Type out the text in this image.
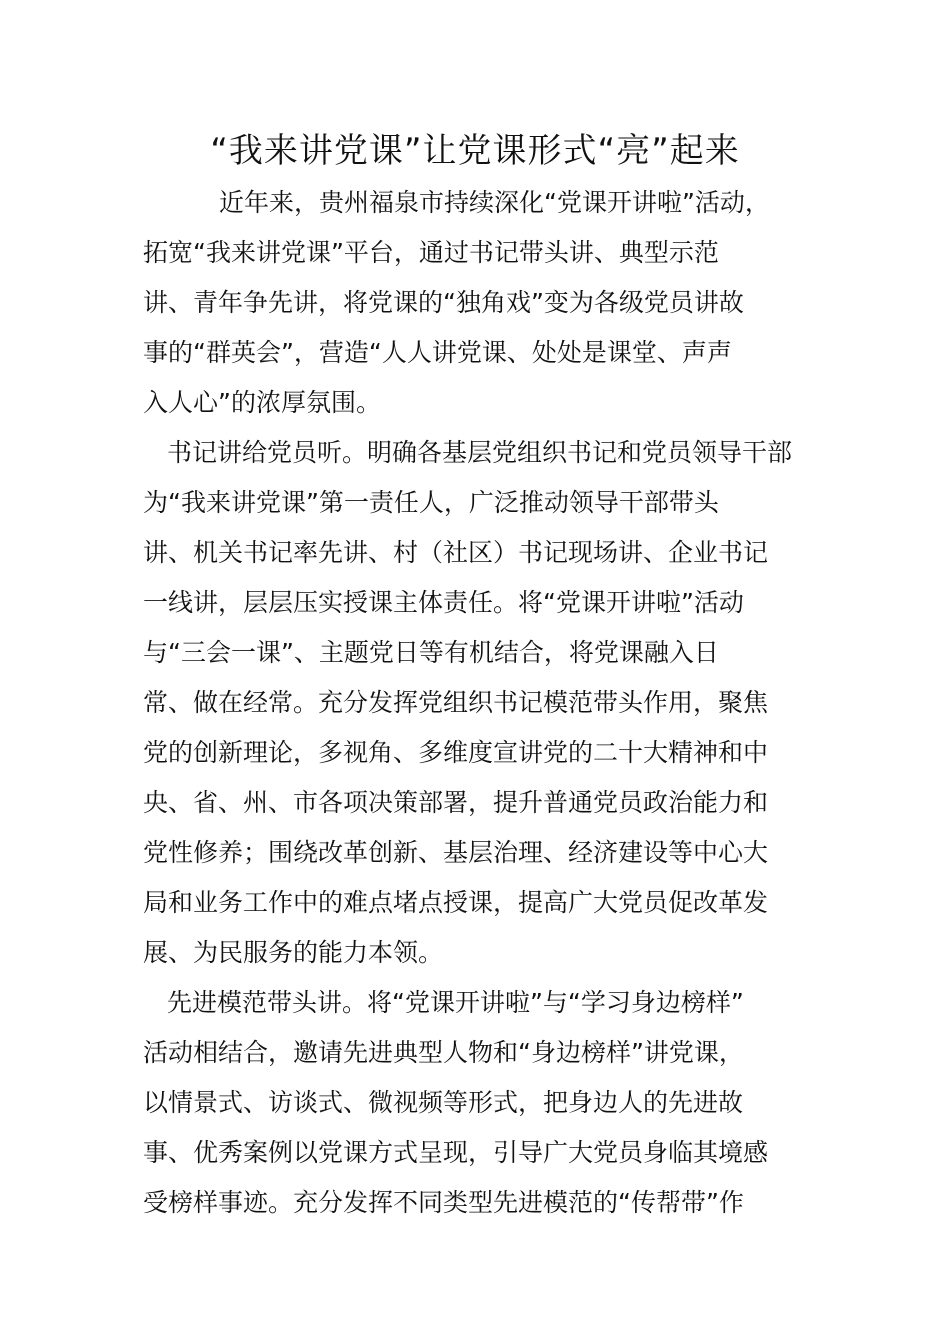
“我来讲党课”让党课形式“亮”起来
近年来，贵州福泉市持续深化“党课开讲啦”活动，
拓宽“我来讲党课”平台，通过书记带头讲、典型示范
讲、青年争先讲，将党课的“独角戏”变为各级党员讲故
事的“群英会”，营造“人人讲党课、处处是课堂、声声
入人心”的浓厚氛围。
书记讲给党员听。明确各基层党组织书记和党员领导干部
为“我来讲党课”第一责任人，广泛推动领导干部带头
讲、机关书记率先讲、村（社区）书记现场讲、企业书记
一线讲，层层压实授课主体责任。将“党课开讲啦”活动
与“三会一课”、主题党日等有机结合，将党课融入日
常、做在经常。充分发挥党组织书记模范带头作用，聚焦
党的创新理论，多视角、多维度宣讲党的二十大精神和中
央、省、州、市各项决策部署，提升普通党员政治能力和
党性修养；围绕改革创新、基层治理、经济建设等中心大
局和业务工作中的难点堵点授课，提高广大党员促改革发
展、为民服务的能力本领。
先进模范带头讲。将“党课开讲啦”与“学习身边榜样”
活动相结合，邀请先进典型人物和“身边榜样”讲党课，
以情景式、访谈式、微视频等形式，把身边人的先进故
事、优秀案例以党课方式呈现，引导广大党员身临其境感
受榜样事迹。充分发挥不同类型先进模范的“传帮带”作
